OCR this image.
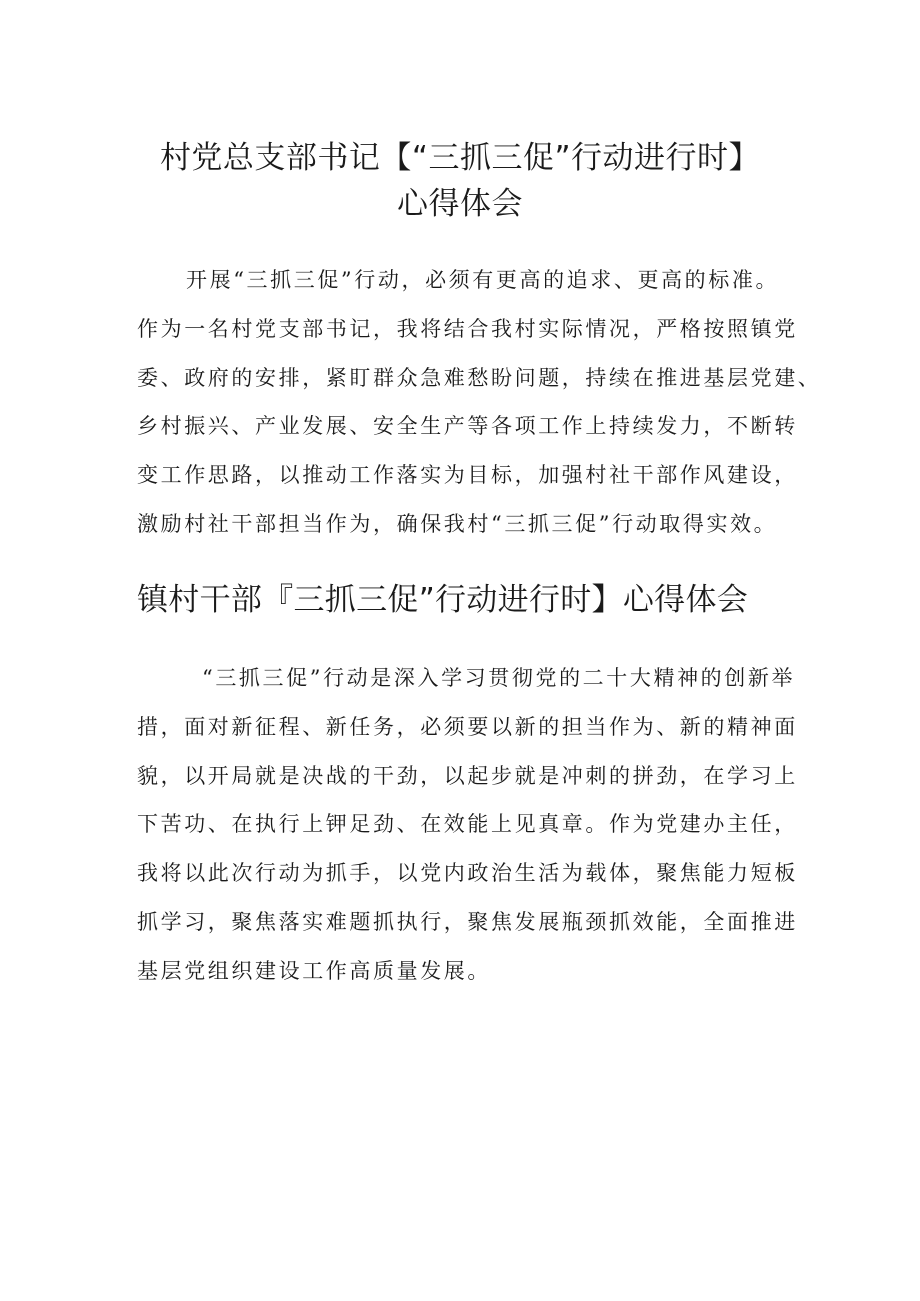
村党总支部书记【“三抓三促”行动进行时】
心得体会
开展“三抓三促”行动，必须有更高的追求、更高的标准。
作为一名村党支部书记，我将结合我村实际情况，严格按照镇党
委、政府的安排，紧盯群众急难愁盼问题，持续在推进基层党建、
乡村振兴、产业发展、安全生产等各项工作上持续发力，不断转
变工作思路，以推动工作落实为目标，加强村社干部作风建设，
激励村社干部担当作为，确保我村“三抓三促”行动取得实效。
镇村干部『三抓三促”行动进行时】心得体会
“三抓三促”行动是深入学习贯彻党的二十大精神的创新举
措，面对新征程、新任务，必须要以新的担当作为、新的精神面
貌，以开局就是决战的干劲，以起步就是冲刺的拼劲，在学习上
下苦功、在执行上钾足劲、在效能上见真章。作为党建办主任，
我将以此次行动为抓手，以党内政治生活为载体，聚焦能力短板
抓学习，聚焦落实难题抓执行，聚焦发展瓶颈抓效能，全面推进
基层党组织建设工作高质量发展。
